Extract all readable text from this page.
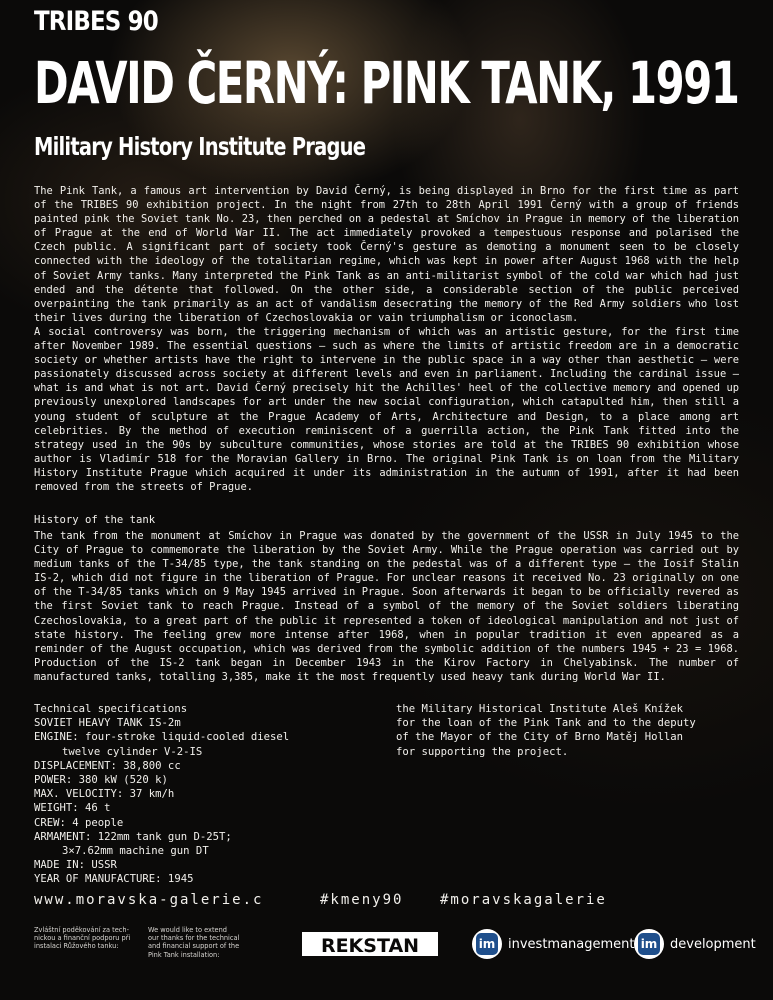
TRIBES 90
DAVID ČERNÝ: PINK TANK, 1991
Military History Institute Prague

The Pink Tank, a famous art intervention by David Černý, is being displayed in Brno for the first time as part of the TRIBES 90 exhibition project. In the night from 27th to 28th April 1991 Černý with a group of friends painted pink the Soviet tank No. 23, then perched on a pedestal at Smíchov in Prague in memory of the liberation of Prague at the end of World War II. The act immediately provoked a tempestuous response and polarised the Czech public. A significant part of society took Černý's gesture as demoting a monument seen to be closely connected with the ideology of the totalitarian regime, which was kept in power after August 1968 with the help of Soviet Army tanks. Many interpreted the Pink Tank as an anti-militarist symbol of the cold war which had just ended and the détente that followed. On the other side, a considerable section of the public perceived overpainting the tank primarily as an act of vandalism desecrating the memory of the Red Army soldiers who lost their lives during the liberation of Czechoslovakia or vain triumphalism or iconoclasm.

A social controversy was born, the triggering mechanism of which was an artistic gesture, for the first time after November 1989. The essential questions – such as where the limits of artistic freedom are in a democratic society or whether artists have the right to intervene in the public space in a way other than aesthetic – were passionately discussed across society at different levels and even in parliament. Including the cardinal issue – what is and what is not art. David Černý precisely hit the Achilles' heel of the collective memory and opened up previously unexplored landscapes for art under the new social configuration, which catapulted him, then still a young student of sculpture at the Prague Academy of Arts, Architecture and Design, to a place among art celebrities. By the method of execution reminiscent of a guerrilla action, the Pink Tank fitted into the strategy used in the 90s by subculture communities, whose stories are told at the TRIBES 90 exhibition whose author is Vladimír 518 for the Moravian Gallery in Brno. The original Pink Tank is on loan from the Military History Institute Prague which acquired it under its administration in the autumn of 1991, after it had been removed from the streets of Prague.

History of the tank
The tank from the monument at Smíchov in Prague was donated by the government of the USSR in July 1945 to the City of Prague to commemorate the liberation by the Soviet Army. While the Prague operation was carried out by medium tanks of the T-34/85 type, the tank standing on the pedestal was of a different type – the Iosif Stalin IS-2, which did not figure in the liberation of Prague. For unclear reasons it received No. 23 originally on one of the T-34/85 tanks which on 9 May 1945 arrived in Prague. Soon afterwards it began to be officially revered as the first Soviet tank to reach Prague. Instead of a symbol of the memory of the Soviet soldiers liberating Czechoslovakia, to a great part of the public it represented a token of ideological manipulation and not just of state history. The feeling grew more intense after 1968, when in popular tradition it even appeared as a reminder of the August occupation, which was derived from the symbolic addition of the numbers 1945 + 23 = 1968. Production of the IS-2 tank began in December 1943 in the Kirov Factory in Chelyabinsk. The number of manufactured tanks, totalling 3,385, make it the most frequently used heavy tank during World War II.
Technical specifications
SOVIET HEAVY TANK IS-2m
ENGINE: four-stroke liquid-cooled diesel
twelve cylinder V-2-IS
DISPLACEMENT: 38,800 cc
POWER: 380 kW (520 k)
MAX. VELOCITY: 37 km/h
WEIGHT: 46 t
CREW: 4 people
ARMAMENT: 122mm tank gun D-25T;
3×7.62mm machine gun DT
MADE IN: USSR
YEAR OF MANUFACTURE: 1945
the Military Historical Institute Aleš Knížek
for the loan of the Pink Tank and to the deputy
of the Mayor of the City of Brno Matěj Hollan
for supporting the project.
www.moravska-galerie.c	#kmeny90	#moravskagalerie
Zvláštní poděkování za tech-
nickou a finanční podporu při
instalaci Růžového tanku:
We would like to extend
our thanks for the technical
and financial support of the
Pink Tank installation:	REKSTAN	im investmanagement im development
